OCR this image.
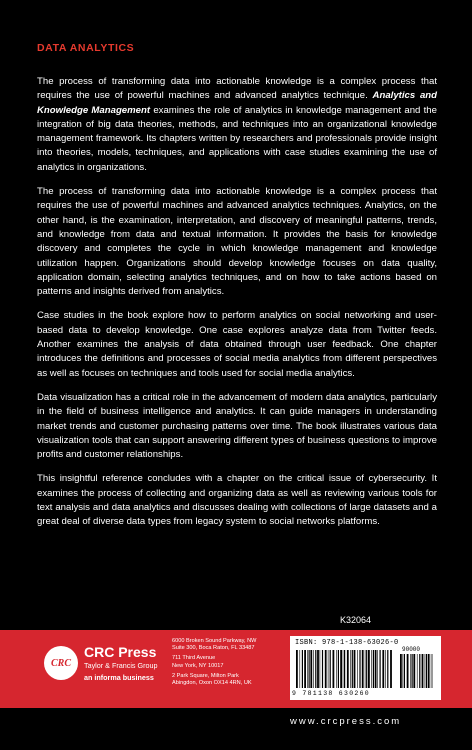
DATA ANALYTICS

The process of transforming data into actionable knowledge is a complex process that requires the use of powerful machines and advanced analytics technique. Analytics and Knowledge Management examines the role of analytics in knowledge management and the integration of big data theories, methods, and techniques into an organizational knowledge management framework. Its chapters written by researchers and professionals provide insight into theories, models, techniques, and applications with case studies examining the use of analytics in organizations.

The process of transforming data into actionable knowledge is a complex process that requires the use of powerful machines and advanced analytics techniques. Analytics, on the other hand, is the examination, interpretation, and discovery of meaningful patterns, trends, and knowledge from data and textual information. It provides the basis for knowledge discovery and completes the cycle in which knowledge management and knowledge utilization happen. Organizations should develop knowledge focuses on data quality, application domain, selecting analytics techniques, and on how to take actions based on patterns and insights derived from analytics.

Case studies in the book explore how to perform analytics on social networking and user-based data to develop knowledge. One case explores analyze data from Twitter feeds. Another examines the analysis of data obtained through user feedback. One chapter introduces the definitions and processes of social media analytics from different perspectives as well as focuses on techniques and tools used for social media analytics.

Data visualization has a critical role in the advancement of modern data analytics, particularly in the field of business intelligence and analytics. It can guide managers in understanding market trends and customer purchasing patterns over time. The book illustrates various data visualization tools that can support answering different types of business questions to improve profits and customer relationships.

This insightful reference concludes with a chapter on the critical issue of cybersecurity. It examines the process of collecting and organizing data as well as reviewing various tools for text analysis and data analytics and discusses dealing with collections of large datasets and a great deal of diverse data types from legacy system to social networks platforms.

K32064
CRC
CRC Press
Taylor & Francis Group
an informa business
6000 Broken Sound Parkway, NW
Suite 300, Boca Raton, FL 33487
711 Third Avenue
New York, NY 10017
2 Park Square, Milton Park
Abingdon, Oxon OX14 4RN, UK
ISBN: 978-1-138-63026-0
90000
9 781138 630260
www.crcpress.com
